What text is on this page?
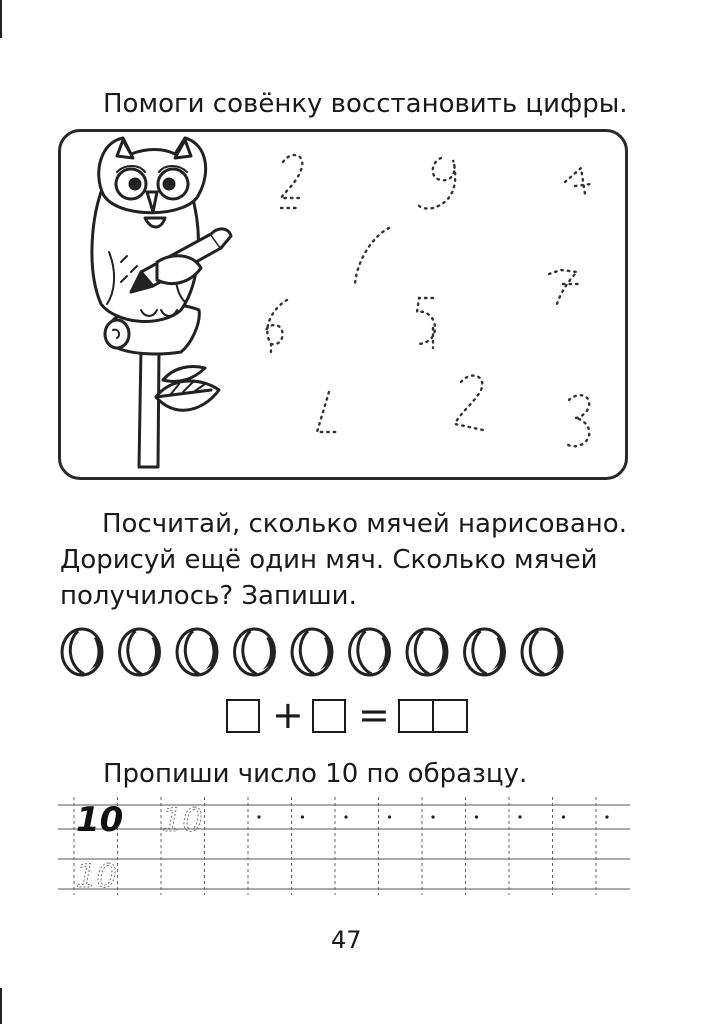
Помоги совёнку восстановить цифры.
Посчитай, сколько мячей нарисовано.
Дорисуй ещё один мяч. Сколько мячей
получилось? Запиши.
+ =
Пропиши число 10 по образцу.
10 10
10
47
